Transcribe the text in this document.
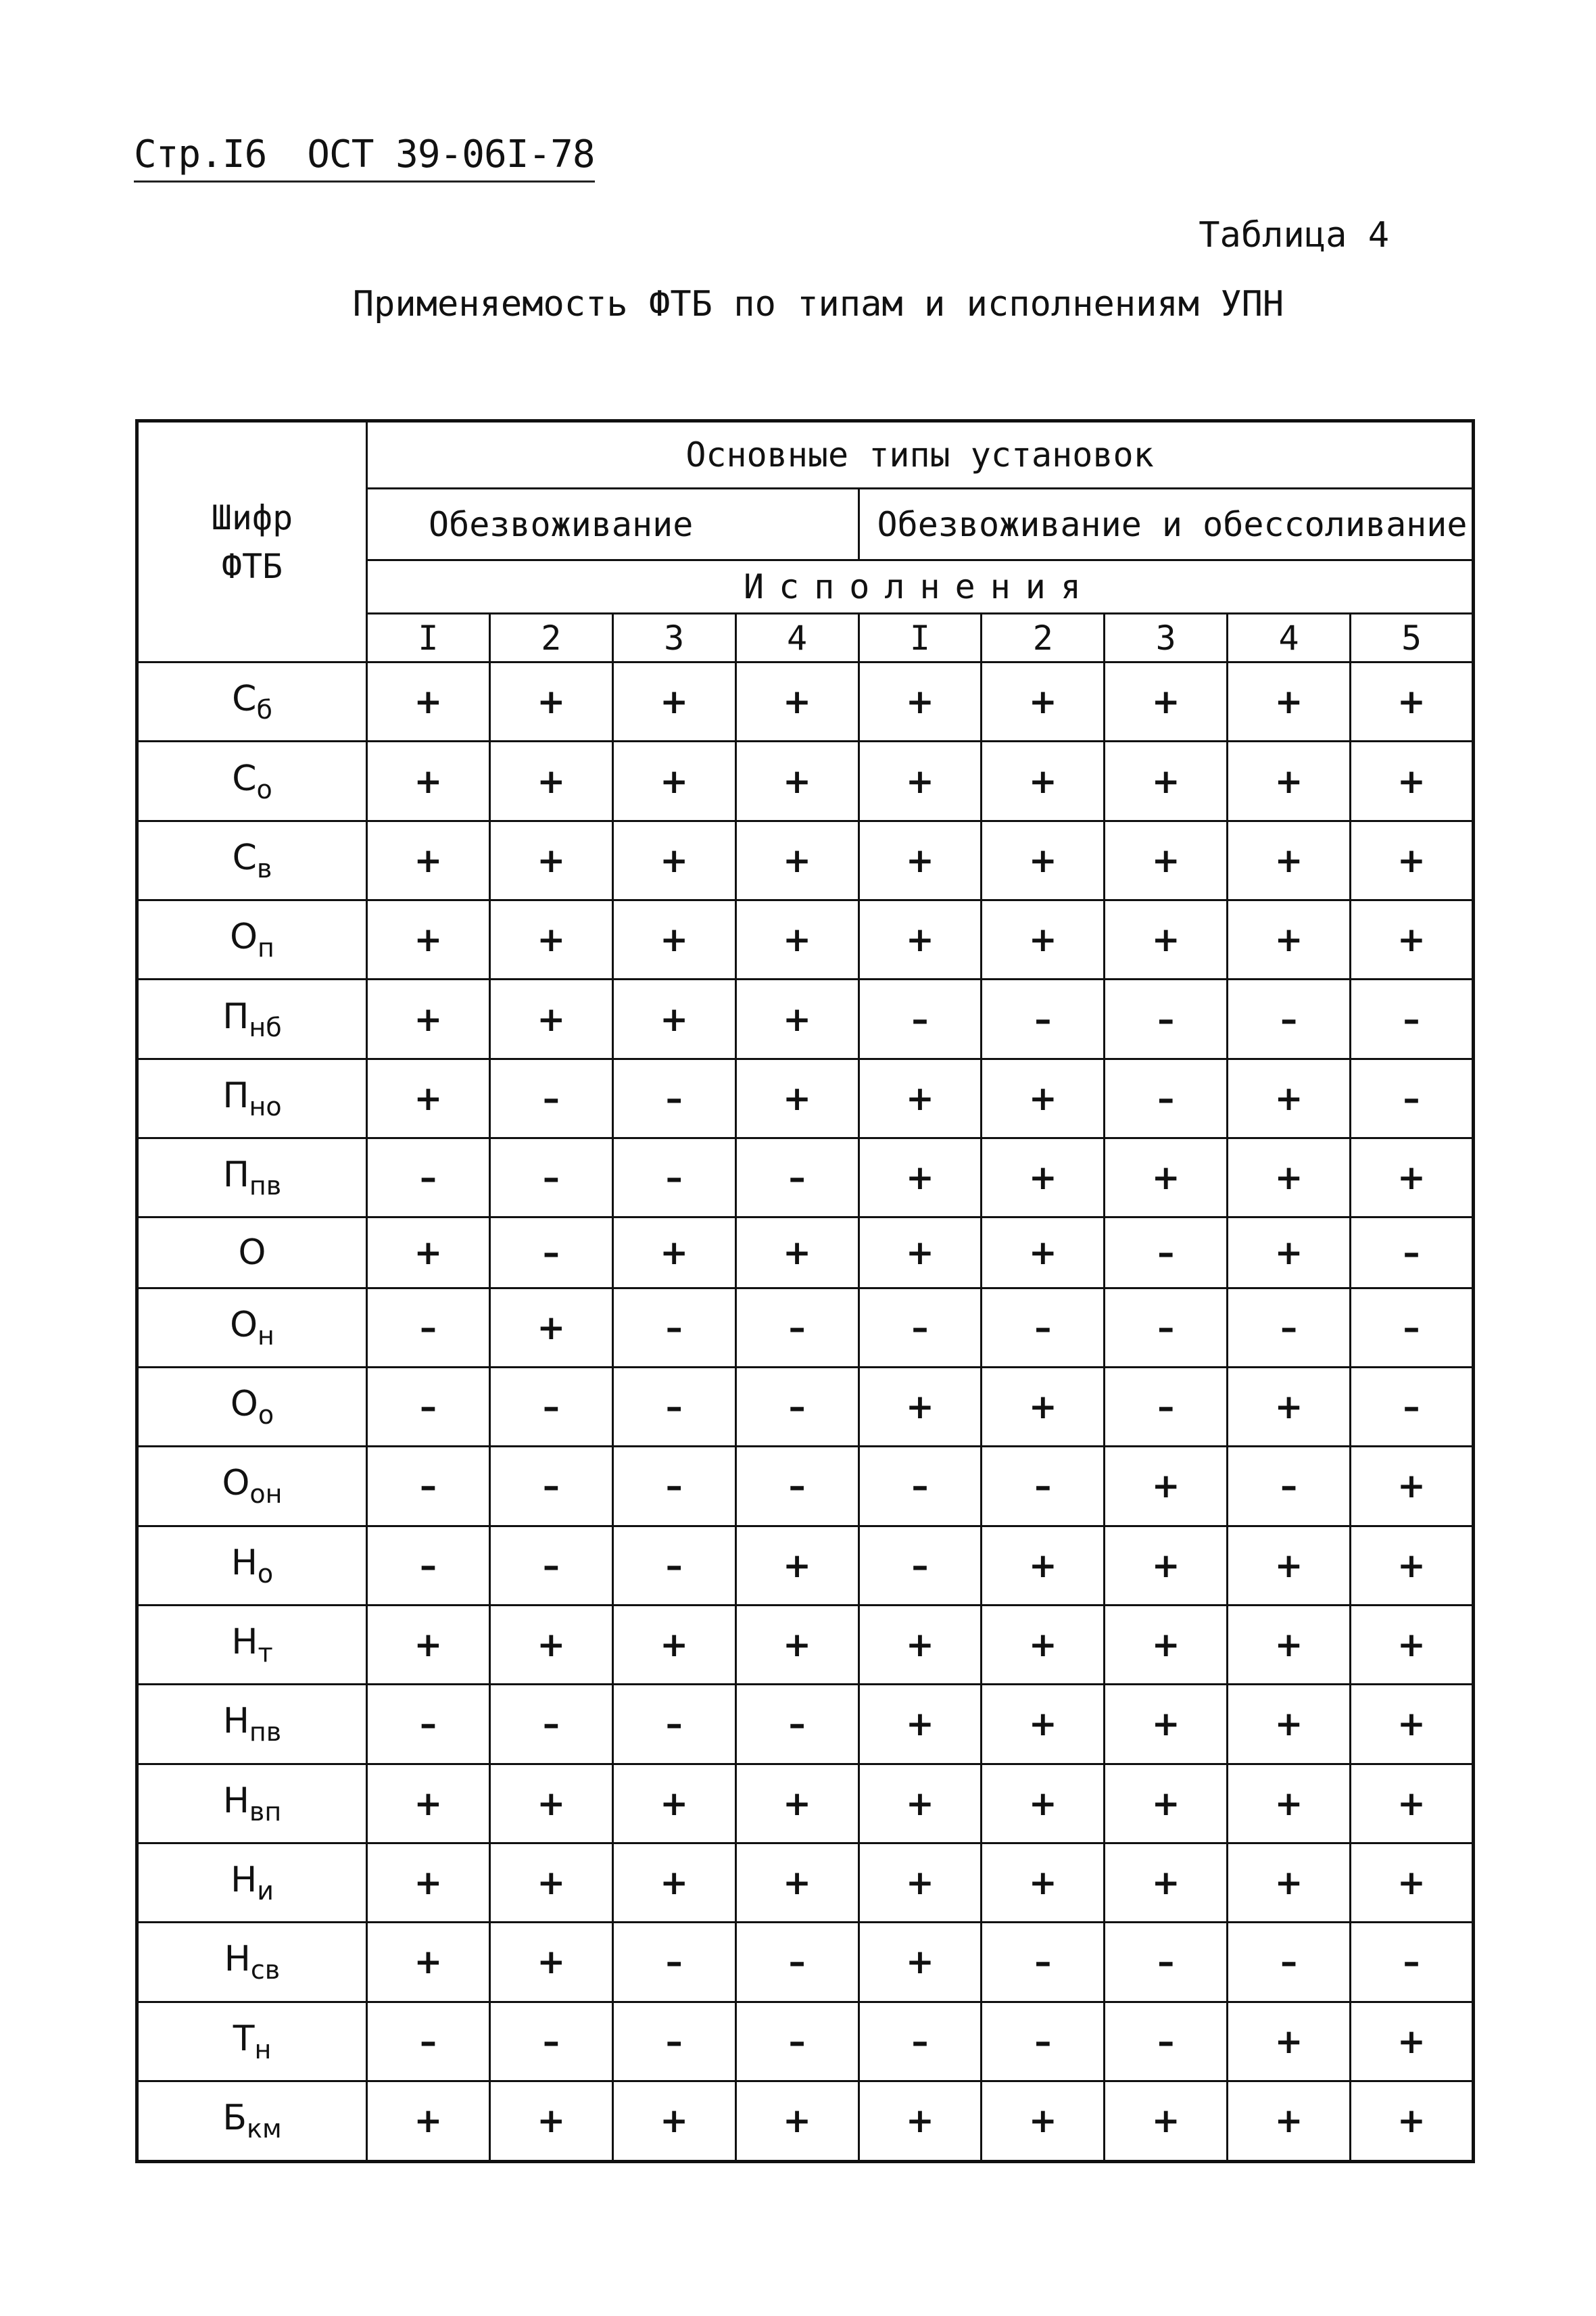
Стр.I6 ОСТ 39-06I-78
Таблица 4
Применяемость ФТБ по типам и исполнениям УПН
Шифр
ФТБ	Основные типы установок								
	Обезвоживание				Обезвоживание и обессоливание				
	Исполнения								
	I	2	3	4	I	2	3	4	5
$С_б$	+	+	+	+	+	+	+	+	+
$С_о$	+	+	+	+	+	+	+	+	+
$С_в$	+	+	+	+	+	+	+	+	+
$О_п$	+	+	+	+	+	+	+	+	+
$П_{нб}$	+	+	+	+	–	–	–	–	–
$П_{но}$	+	–	–	+	+	+	–	+	–
$П_{пв}$	–	–	–	–	+	+	+	+	+
О	+	–	+	+	+	+	–	+	–
$О_н$	–	+	–	–	–	–	–	–	–
$О_о$	–	–	–	–	+	+	–	+	–
$О_{он}$	–	–	–	–	–	–	+	–	+
$Н_о$	–	–	–	+	–	+	+	+	+
$Н_т$	+	+	+	+	+	+	+	+	+
$Н_{пв}$	–	–	–	–	+	+	+	+	+
$Н_{вп}$	+	+	+	+	+	+	+	+	+
$Н_и$	+	+	+	+	+	+	+	+	+
$Н_{св}$	+	+	–	–	+	–	–	–	–
$Т_н$	–	–	–	–	–	–	–	+	+
$Б_{км}$	+	+	+	+	+	+	+	+	+
